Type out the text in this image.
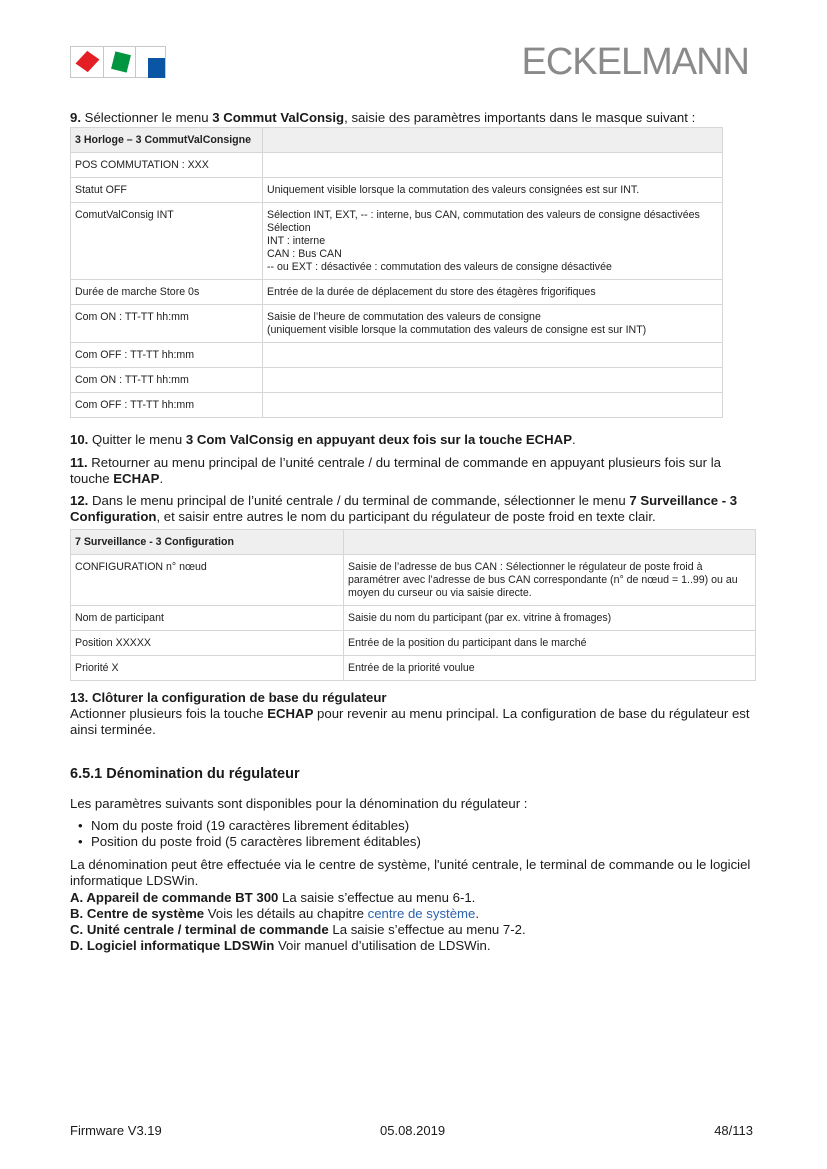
ECKELMANN
9. Sélectionner le menu 3 Commut ValConsig, saisie des paramètres importants dans le masque suivant :
3 Horloge – 3 CommutValConsigne	
POS COMMUTATION : XXX	
Statut OFF	Uniquement visible lorsque la commutation des valeurs consignées est sur INT.

ComutValConsig INT	Sélection INT, EXT, -- : interne, bus CAN, commutation des valeurs de consigne désactivées
Sélection
INT : interne
CAN : Bus CAN
-- ou EXT : désactivée : commutation des valeurs de consigne désactivée

Durée de marche Store 0s	Entrée de la durée de déplacement du store des étagères frigorifiques

Com ON : TT-TT hh:mm	Saisie de l’heure de commutation des valeurs de consigne
(uniquement visible lorsque la commutation des valeurs de consigne est sur INT)

Com OFF : TT-TT hh:mm	
Com ON : TT-TT hh:mm	
Com OFF : TT-TT hh:mm	
10. Quitter le menu 3 Com ValConsig en appuyant deux fois sur la touche ECHAP.
11. Retourner au menu principal de l’unité centrale / du terminal de commande en appuyant plusieurs fois sur la touche ECHAP.
12. Dans le menu principal de l’unité centrale / du terminal de commande, sélectionner le menu 7 Surveillance - 3 Configuration, et saisir entre autres le nom du participant du régulateur de poste froid en texte clair.
7 Surveillance - 3 Configuration	
CONFIGURATION n° nœud	Saisie de l’adresse de bus CAN : Sélectionner le régulateur de poste froid à paramétrer avec l’adresse de bus CAN correspondante (n° de nœud = 1..99) ou au moyen du curseur ou via saisie directe.
Nom de participant	Saisie du nom du participant (par ex. vitrine à fromages)
Position XXXXX	Entrée de la position du participant dans le marché
Priorité X	Entrée de la priorité voulue
13. Clôturer la configuration de base du régulateur
Actionner plusieurs fois la touche ECHAP pour revenir au menu principal. La configuration de base du régulateur est ainsi terminée.
6.5.1 Dénomination du régulateur
Les paramètres suivants sont disponibles pour la dénomination du régulateur :
• Nom du poste froid (19 caractères librement éditables)
• Position du poste froid (5 caractères librement éditables)
La dénomination peut être effectuée via le centre de système, l'unité centrale, le terminal de commande ou le logiciel informatique LDSWin.
A. Appareil de commande BT 300 La saisie s’effectue au menu 6-1.
B. Centre de système Vois les détails au chapitre centre de système.
C. Unité centrale / terminal de commande La saisie s’effectue au menu 7-2.
D. Logiciel informatique LDSWin Voir manuel d’utilisation de LDSWin.
Firmware V3.19	05.08.2019	48/113
